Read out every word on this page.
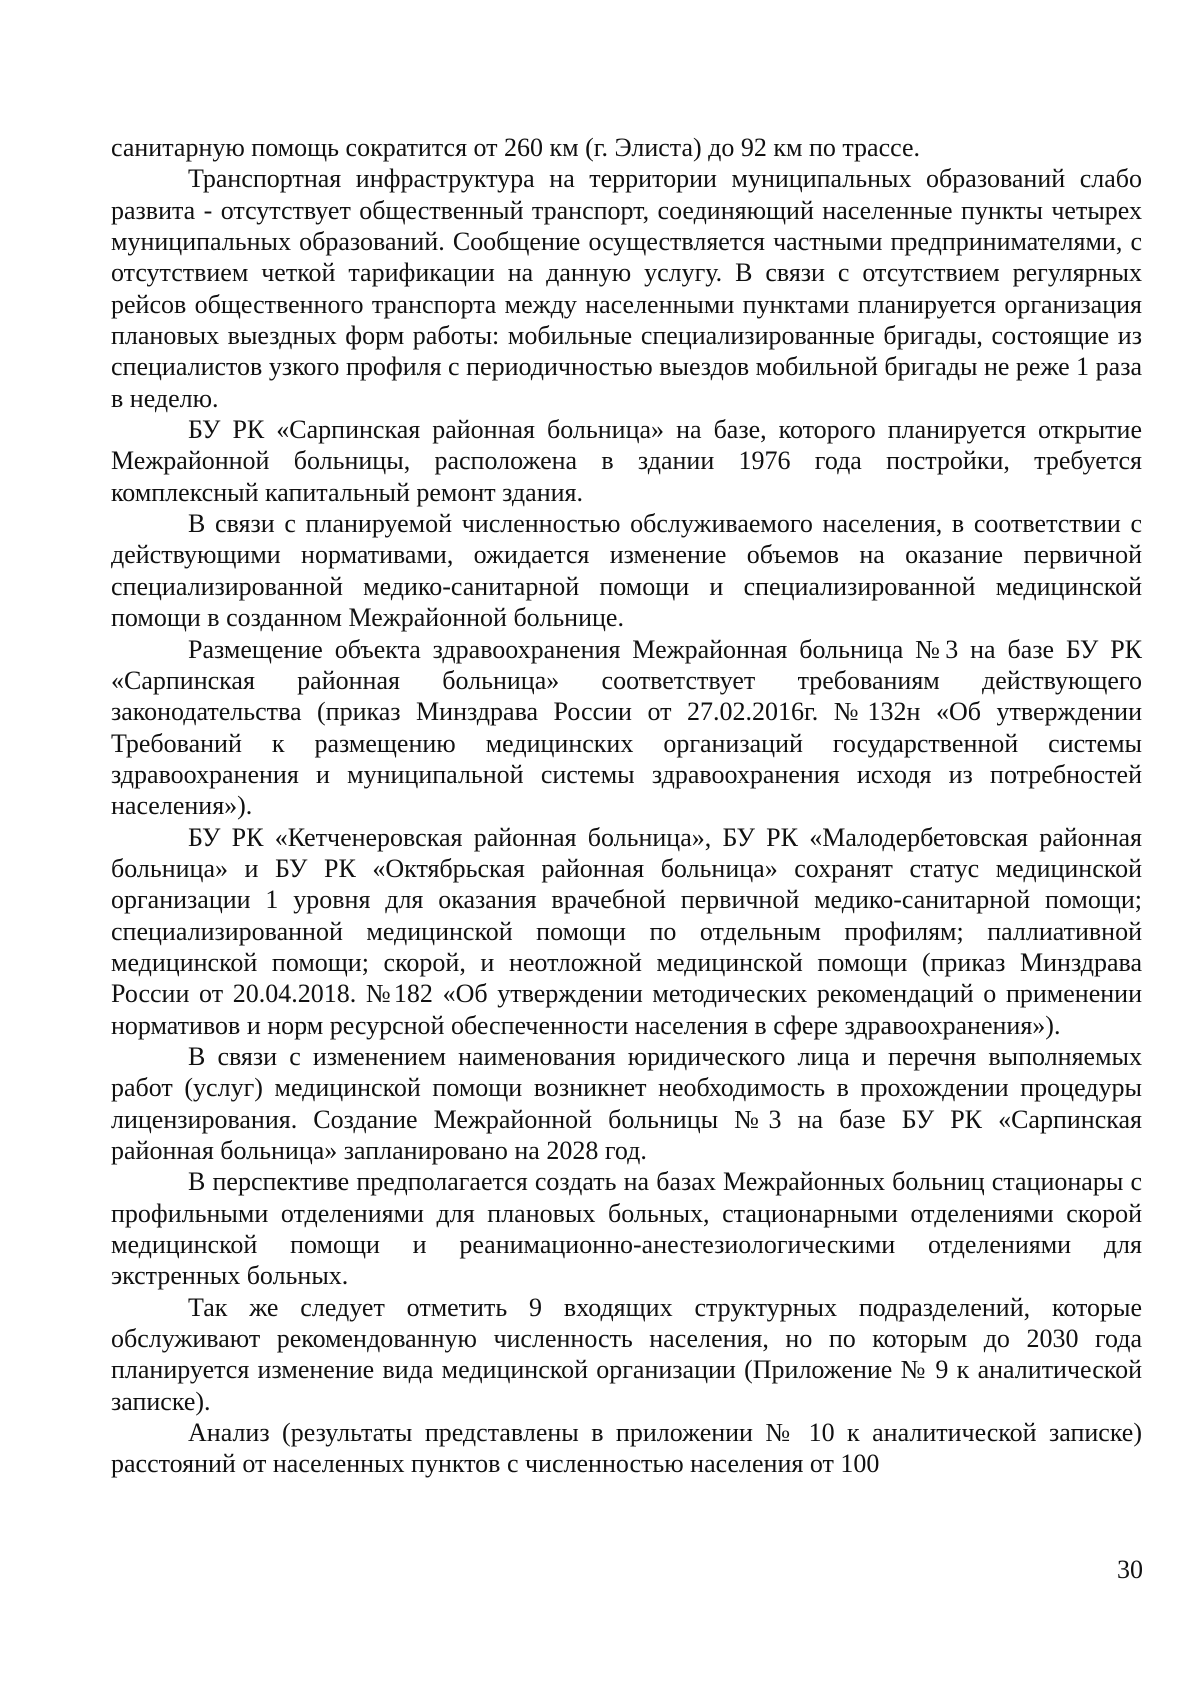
санитарную помощь сократится от 260 км (г. Элиста) до 92 км по трассе.

Транспортная инфраструктура на территории муниципальных образований слабо развита - отсутствует общественный транспорт, соединяющий населенные пункты четырех муниципальных образований. Сообщение осуществляется частными предпринимателями, с отсутствием четкой тарификации на данную услугу. В связи с отсутствием регулярных рейсов общественного транспорта между населенными пунктами планируется организация плановых выездных форм работы: мобильные специализированные бригады, состоящие из специалистов узкого профиля с периодичностью выездов мобильной бригады не реже 1 раза в неделю.

БУ РК «Сарпинская районная больница» на базе, которого планируется открытие Межрайонной больницы, расположена в здании 1976 года постройки, требуется комплексный капитальный ремонт здания.

В связи с планируемой численностью обслуживаемого населения, в соответствии с действующими нормативами, ожидается изменение объемов на оказание первичной специализированной медико-санитарной помощи и специализированной медицинской помощи в созданном Межрайонной больнице.

Размещение объекта здравоохранения Межрайонная больница №3 на базе БУ РК «Сарпинская районная больница» соответствует требованиям действующего законодательства (приказ Минздрава России от 27.02.2016г. №132н «Об утверждении Требований к размещению медицинских организаций государственной системы здравоохранения и муниципальной системы здравоохранения исходя из потребностей населения»).

БУ РК «Кетченеровская районная больница», БУ РК «Малодербетовская районная больница» и БУ РК «Октябрьская районная больница» сохранят статус медицинской организации 1 уровня для оказания врачебной первичной медико-санитарной помощи; специализированной медицинской помощи по отдельным профилям; паллиативной медицинской помощи; скорой, и неотложной медицинской помощи (приказ Минздрава России от 20.04.2018. №182 «Об утверждении методических рекомендаций о применении нормативов и норм ресурсной обеспеченности населения в сфере здравоохранения»).

В связи с изменением наименования юридического лица и перечня выполняемых работ (услуг) медицинской помощи возникнет необходимость в прохождении процедуры лицензирования. Создание Межрайонной больницы №3 на базе БУ РК «Сарпинская районная больница» запланировано на 2028 год.

В перспективе предполагается создать на базах Межрайонных больниц стационары с профильными отделениями для плановых больных, стационарными отделениями скорой медицинской помощи и реанимационно-анестезиологическими отделениями для экстренных больных.

Так же следует отметить 9 входящих структурных подразделений, которые обслуживают рекомендованную численность населения, но по которым до 2030 года планируется изменение вида медицинской организации (Приложение № 9 к аналитической записке).

Анализ (результаты представлены в приложении № 10 к аналитической записке) расстояний от населенных пунктов с численностью населения от 100

30
